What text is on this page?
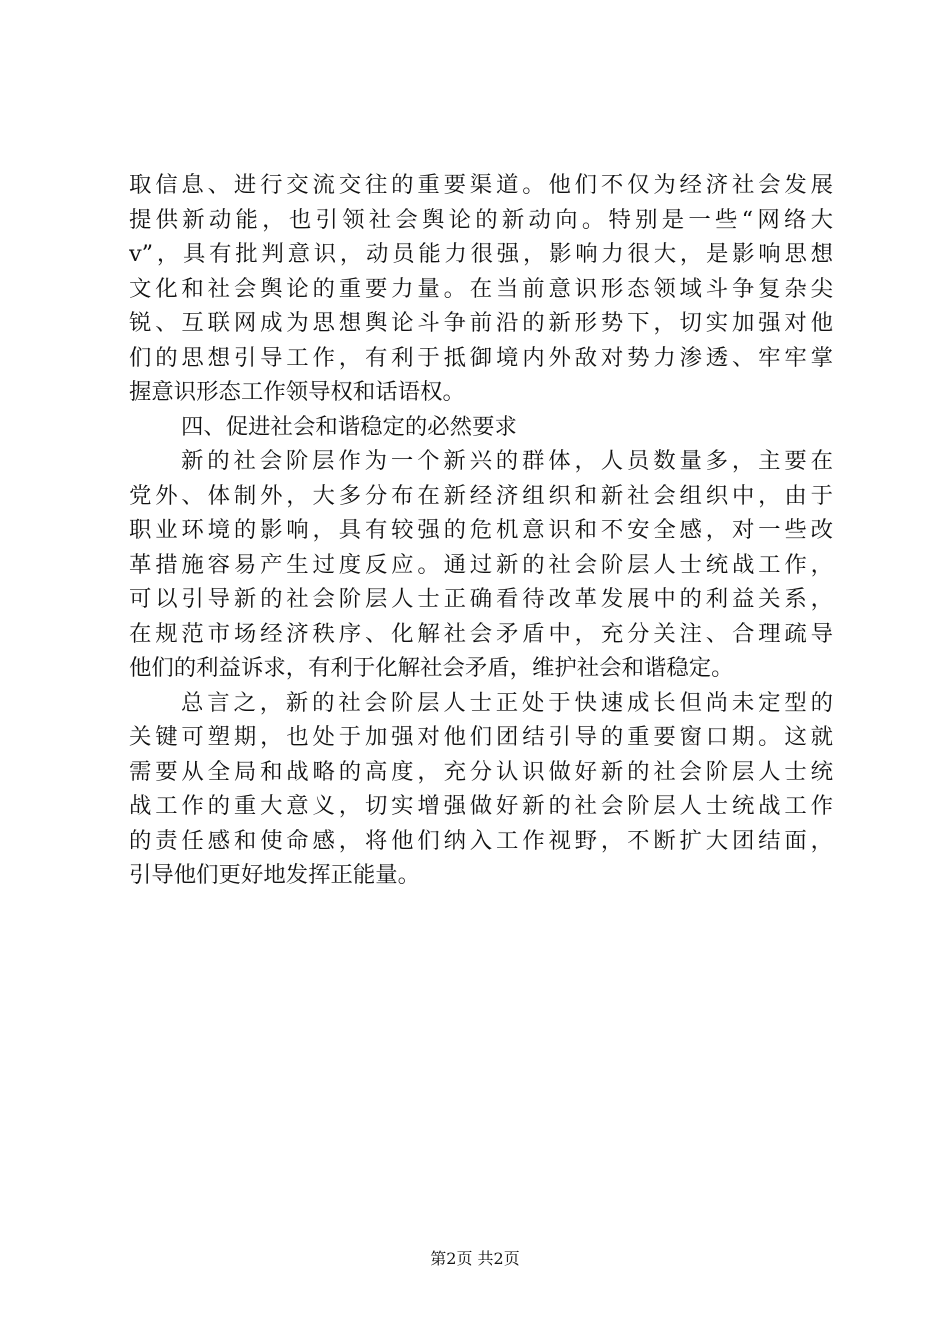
取信息、进行交流交往的重要渠道。他们不仅为经济社会发展
提供新动能，也引领社会舆论的新动向。特别是一些“网络大
v”，具有批判意识，动员能力很强，影响力很大，是影响思想
文化和社会舆论的重要力量。在当前意识形态领域斗争复杂尖
锐、互联网成为思想舆论斗争前沿的新形势下，切实加强对他
们的思想引导工作，有利于抵御境内外敌对势力渗透、牢牢掌
握意识形态工作领导权和话语权。
四、促进社会和谐稳定的必然要求
新的社会阶层作为一个新兴的群体，人员数量多，主要在
党外、体制外，大多分布在新经济组织和新社会组织中，由于
职业环境的影响，具有较强的危机意识和不安全感，对一些改
革措施容易产生过度反应。通过新的社会阶层人士统战工作，
可以引导新的社会阶层人士正确看待改革发展中的利益关系，
在规范市场经济秩序、化解社会矛盾中，充分关注、合理疏导
他们的利益诉求，有利于化解社会矛盾，维护社会和谐稳定。
总言之，新的社会阶层人士正处于快速成长但尚未定型的
关键可塑期，也处于加强对他们团结引导的重要窗口期。这就
需要从全局和战略的高度，充分认识做好新的社会阶层人士统
战工作的重大意义，切实增强做好新的社会阶层人士统战工作
的责任感和使命感，将他们纳入工作视野，不断扩大团结面，
引导他们更好地发挥正能量。
第2页 共2页
